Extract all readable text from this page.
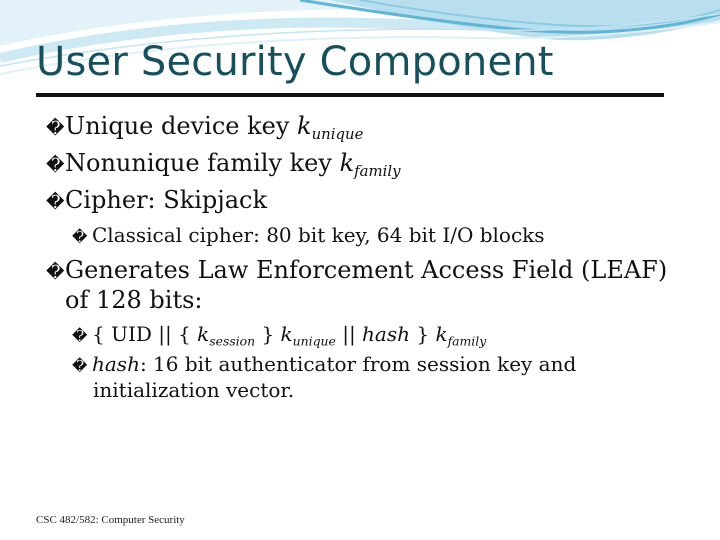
User Security Component
�Unique device key $k_{unique}$
�Nonunique family key $k_{family}$
�Cipher: Skipjack
� Classical cipher: 80 bit key, 64 bit I/O blocks
�Generates Law Enforcement Access Field (LEAF)
of 128 bits:
� { UID || { $k_{session}$ } $k_{unique}$ || hash } $k_{family}$
� hash: 16 bit authenticator from session key and
initialization vector.
CSC 482/582: Computer Security
